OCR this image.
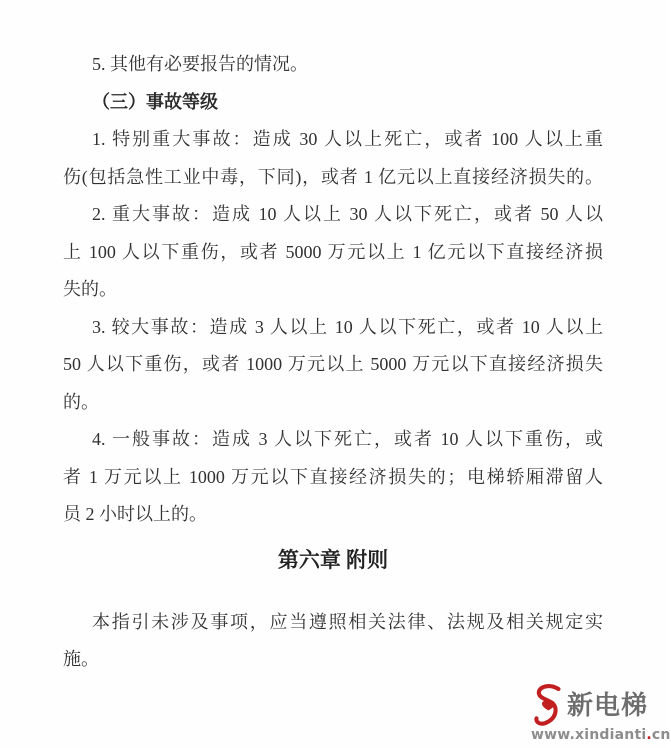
5. 其他有必要报告的情况。
（三）事故等级
1. 特别重大事故：造成 30 人以上死亡，或者 100 人以上重
伤(包括急性工业中毒，下同)，或者 1 亿元以上直接经济损失的。
2. 重大事故：造成 10 人以上 30 人以下死亡，或者 50 人以
上 100 人以下重伤，或者 5000 万元以上 1 亿元以下直接经济损
失的。
3. 较大事故：造成 3 人以上 10 人以下死亡，或者 10 人以上
50 人以下重伤，或者 1000 万元以上 5000 万元以下直接经济损失
的。
4. 一般事故：造成 3 人以下死亡，或者 10 人以下重伤，或
者 1 万元以上 1000 万元以下直接经济损失的；电梯轿厢滞留人
员 2 小时以上的。
第六章 附则
本指引未涉及事项，应当遵照相关法律、法规及相关规定实
施。
新电梯
www.xindianti.cn
